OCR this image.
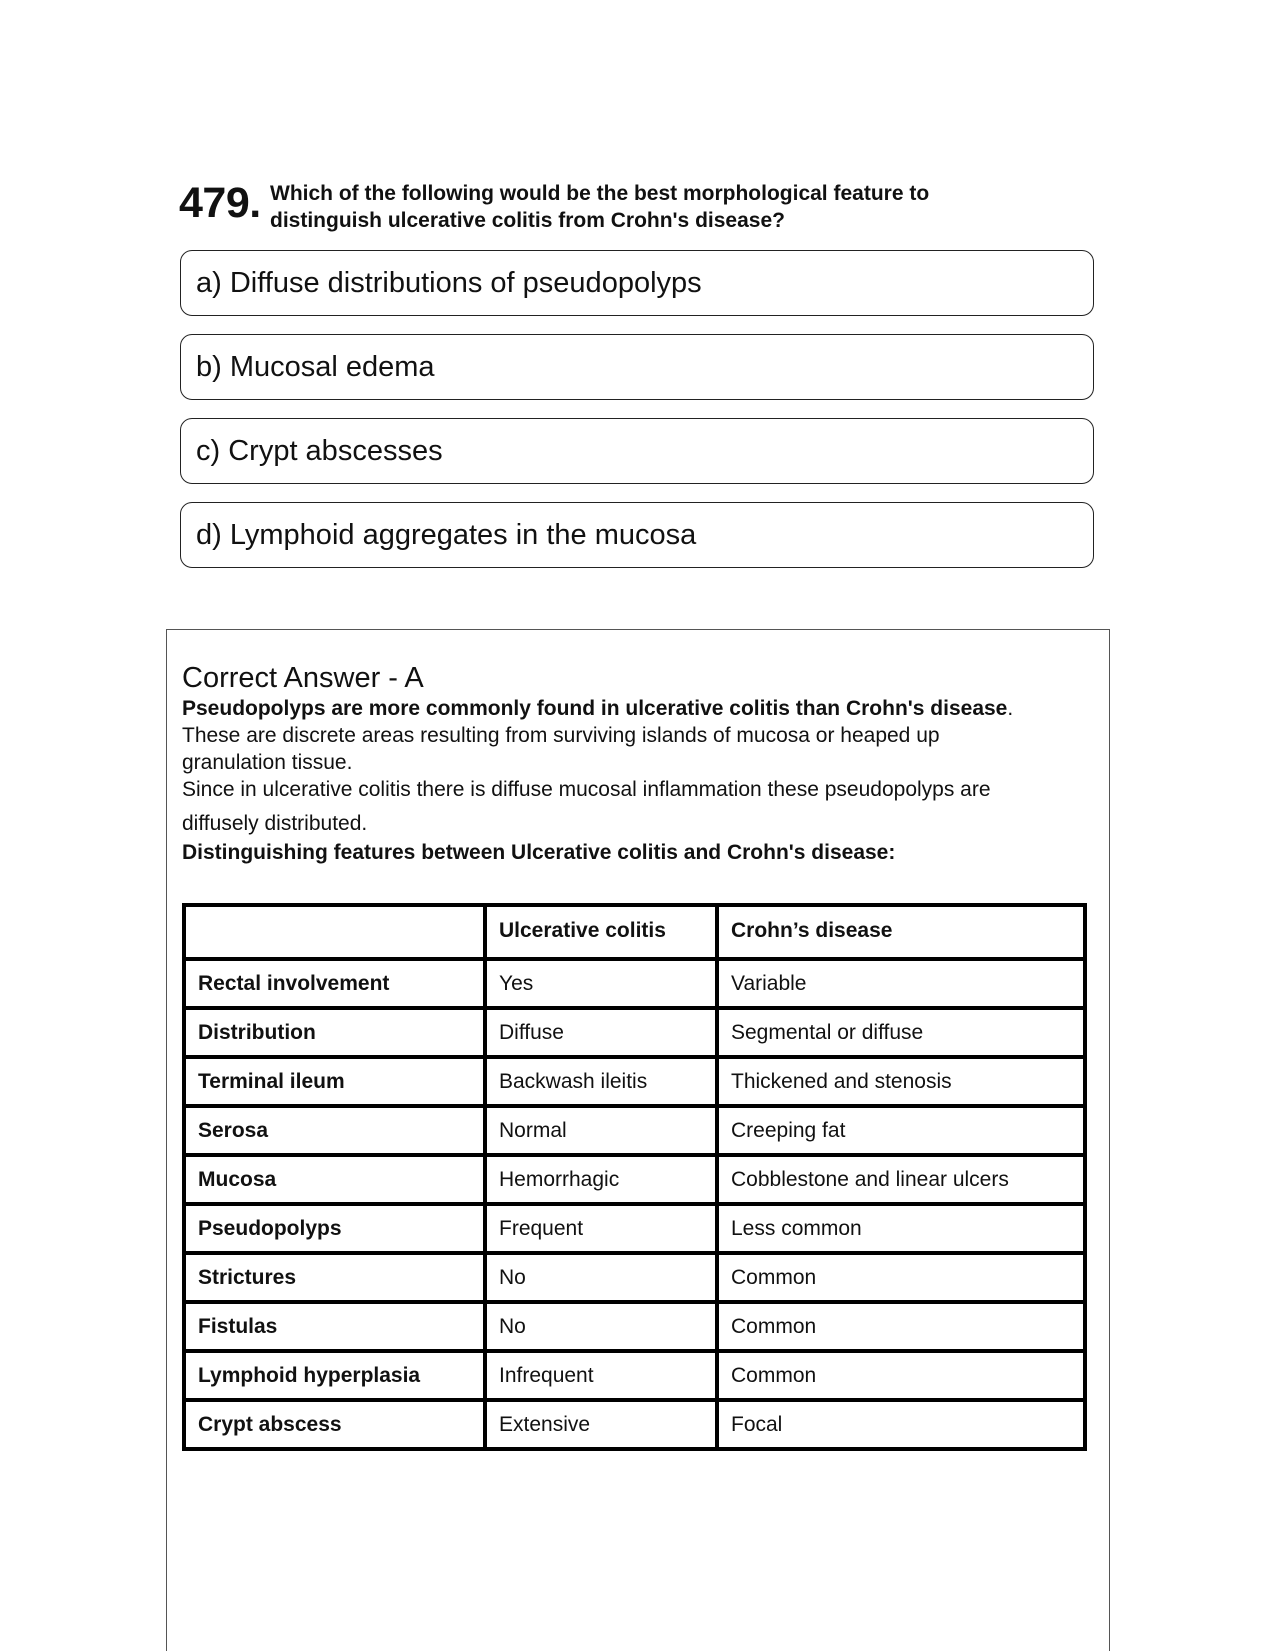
479. Which of the following would be the best morphological feature to
distinguish ulcerative colitis from Crohn's disease?
a) Diffuse distributions of pseudopolyps
b) Mucosal edema
c) Crypt abscesses
d) Lymphoid aggregates in the mucosa
Correct Answer - A
Pseudopolyps are more commonly found in ulcerative colitis than Crohn's disease.
These are discrete areas resulting from surviving islands of mucosa or heaped up
granulation tissue.
Since in ulcerative colitis there is diffuse mucosal inflammation these pseudopolyps are
diffusely distributed.
Distinguishing features between Ulcerative colitis and Crohn's disease:
	Ulcerative colitis	Crohn’s disease
Rectal involvement	Yes	Variable
Distribution	Diffuse	Segmental or diffuse
Terminal ileum	Backwash ileitis	Thickened and stenosis
Serosa	Normal	Creeping fat
Mucosa	Hemorrhagic	Cobblestone and linear ulcers
Pseudopolyps	Frequent	Less common
Strictures	No	Common
Fistulas	No	Common
Lymphoid hyperplasia	Infrequent	Common
Crypt abscess	Extensive	Focal
